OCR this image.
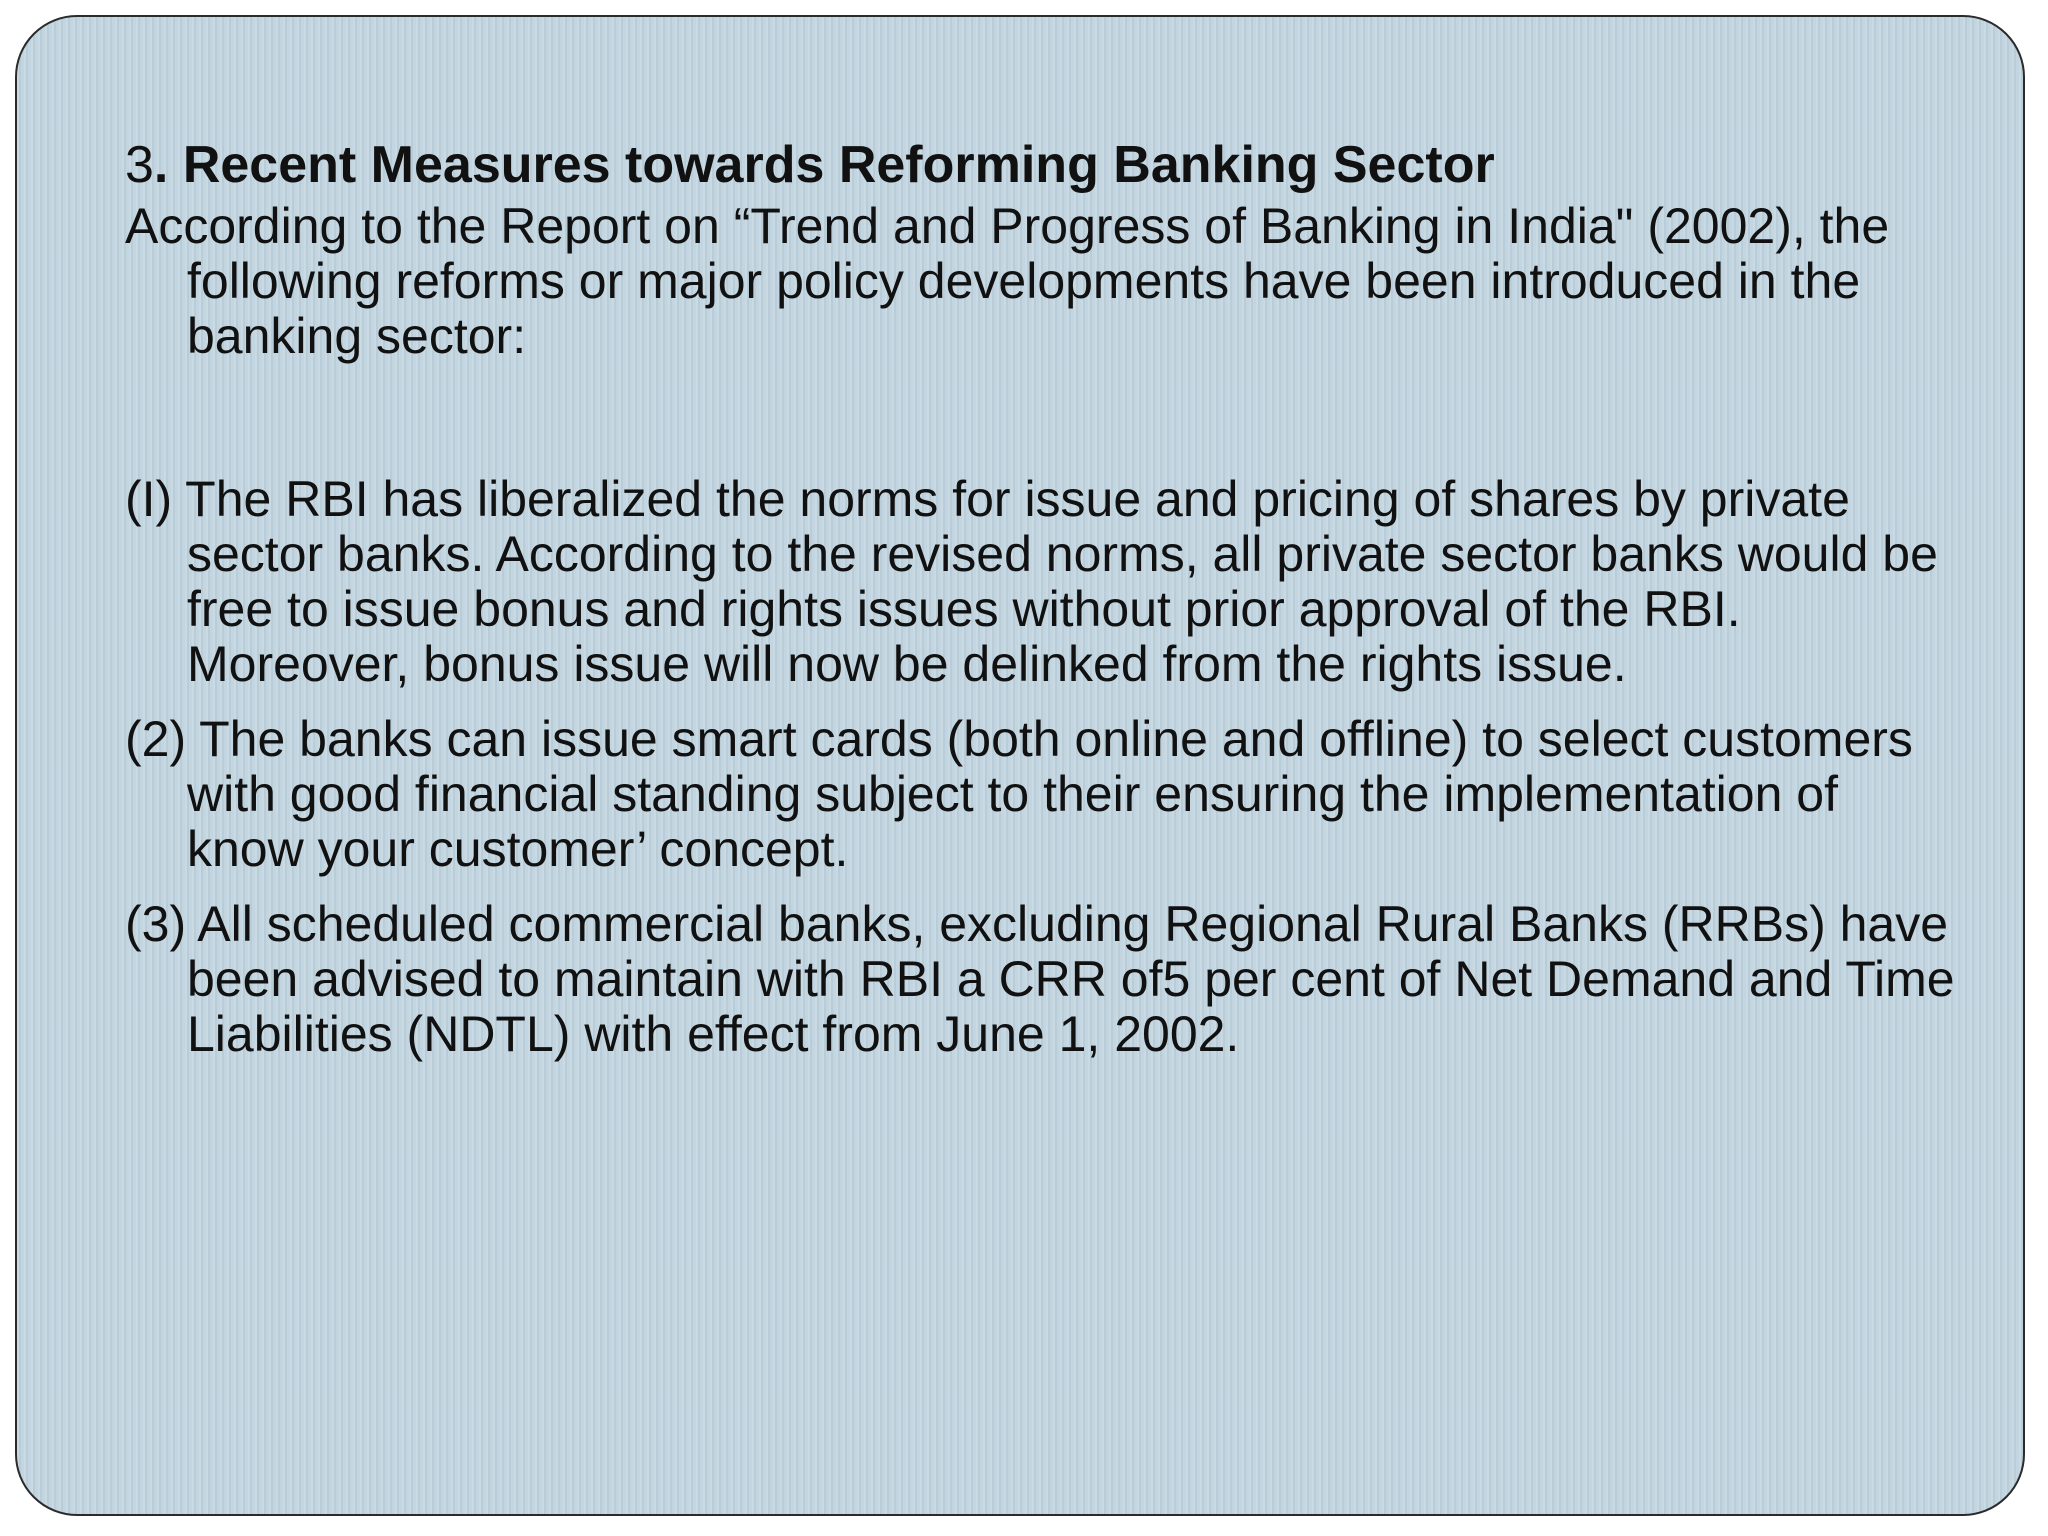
3. Recent Measures towards Reforming Banking Sector

According to the Report on “Trend and Progress of Banking in India" (2002), the following reforms or major policy developments have been introduced in the banking sector:

(I) The RBI has liberalized the norms for issue and pricing of shares by private sector banks. According to the revised norms, all private sector banks would be free to issue bonus and rights issues without prior approval of the RBI. Moreover, bonus issue will now be delinked from the rights issue.

(2) The banks can issue smart cards (both online and offline) to select customers with good financial standing subject to their ensuring the implementation of know your customer’ concept.

(3) All scheduled commercial banks, excluding Regional Rural Banks (RRBs) have been advised to maintain with RBI a CRR of5 per cent of Net Demand and Time Liabilities (NDTL) with effect from June 1, 2002.
